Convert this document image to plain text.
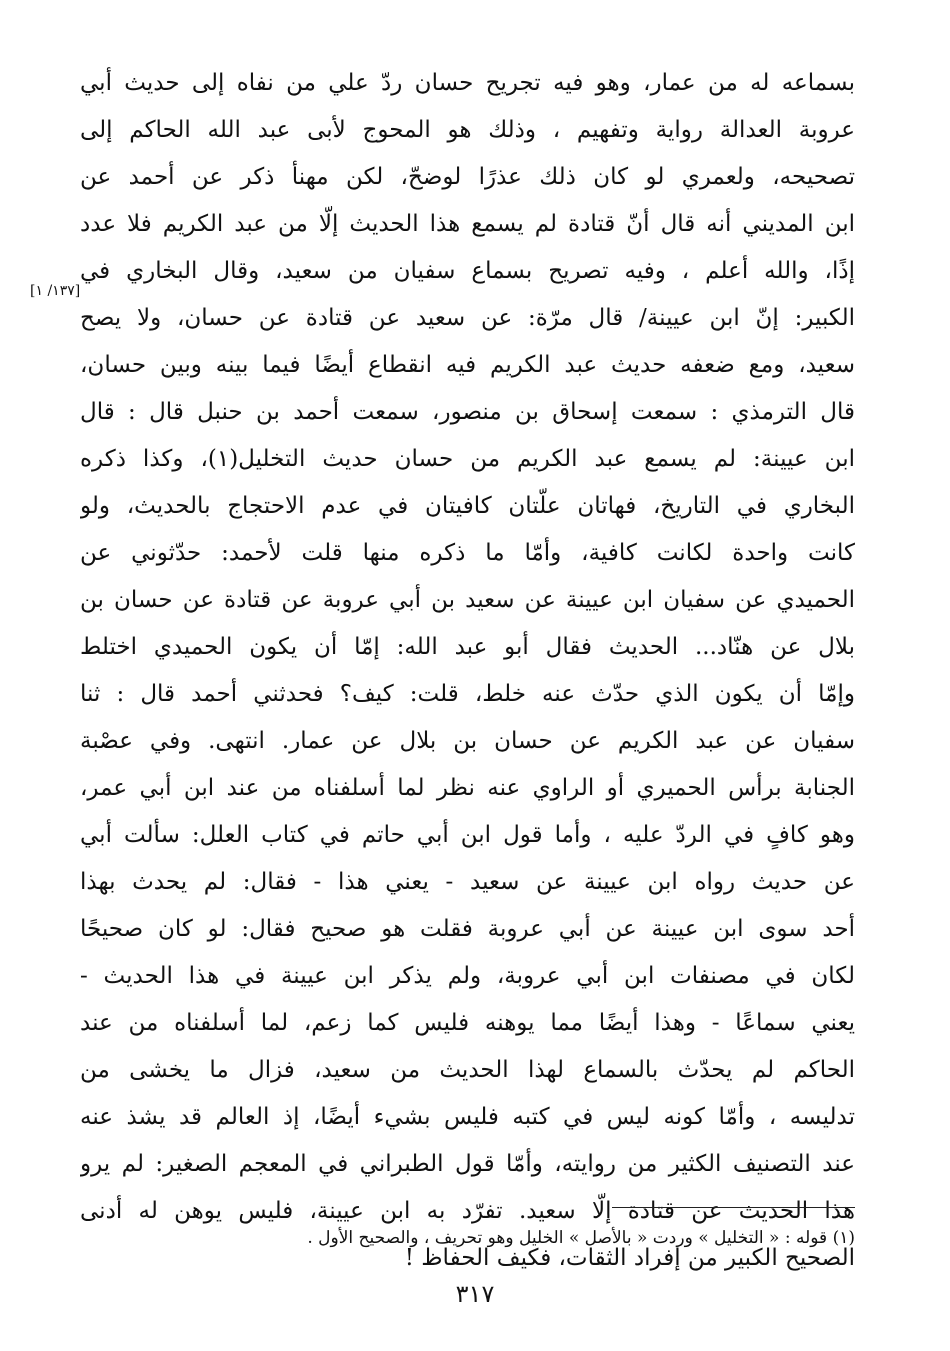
بسماعه له من عمار، وهو فيه تجريح حسان ردّ علي من نفاه إلى حديث أبي
عروبة العدالة رواية وتفهيم ، وذلك هو المحوج لأبى عبد الله الحاكم إلى
تصحيحه، ولعمري لو كان ذلك عذرًا لوضحّ، لكن مهنأ ذكر عن أحمد عن
ابن المديني أنه قال أنّ قتادة لم يسمع هذا الحديث إلّا من عبد الكريم فلا عدد
إذًا، والله أعلم ، وفيه تصريح بسماع سفيان من سعيد، وقال البخاري في
الكبير: إنّ ابن عيينة/ قال مرّة: عن سعيد عن قتادة عن حسان، ولا يصح
سعيد، ومع ضعفه حديث عبد الكريم فيه انقطاع أيضًا فيما بينه وبين حسان،
قال الترمذي : سمعت إسحاق بن منصور، سمعت أحمد بن حنبل قال : قال
ابن عيينة: لم يسمع عبد الكريم من حسان حديث التخليل(١)، وكذا ذكره
البخاري في التاريخ، فهاتان علّتان كافيتان في عدم الاحتجاج بالحديث، ولو
كانت واحدة لكانت كافية، وأمّا ما ذكره منها قلت لأحمد: حدّثوني عن
الحميدي عن سفيان ابن عيينة عن سعيد بن أبي عروبة عن قتادة عن حسان بن
بلال عن هنّاد... الحديث فقال أبو عبد الله: إمّا أن يكون الحميدي اختلط
وإمّا أن يكون الذي حدّث عنه خلط، قلت: كيف؟ فحدثني أحمد قال : ثنا
سفيان عن عبد الكريم عن حسان بن بلال عن عمار. انتهى. وفي عصْبة
الجنابة برأس الحميري أو الراوي عنه نظر لما أسلفناه من عند ابن أبي عمر،
وهو كافٍ في الردّ عليه ، وأما قول ابن أبي حاتم في كتاب العلل: سألت أبي
عن حديث رواه ابن عيينة عن سعيد - يعني هذا - فقال: لم يحدث بهذا
أحد سوى ابن عيينة عن أبي عروبة فقلت هو صحيح فقال: لو كان صحيحًا
لكان في مصنفات ابن أبي عروبة، ولم يذكر ابن عيينة في هذا الحديث -
يعني سماعًا - وهذا أيضًا مما يوهنه فليس كما زعم، لما أسلفناه من عند
الحاكم لم يحدّث بالسماع لهذا الحديث من سعيد، فزال ما يخشى من
تدليسه ، وأمّا كونه ليس في كتبه فليس بشيء أيضًا، إذ العالم قد يشذ عنه
عند التصنيف الكثير من روايته، وأمّا قول الطبراني في المعجم الصغير: لم يرو
هذا الحديث عن قتادة إلّا سعيد. تفرّد به ابن عيينة، فليس يوهن له أدنى
الصحيح الكبير من إفراد الثقات، فكيف الحفاظ !
[١٣٧/ ١]
(١) قوله : « التخليل » وردت « بالأصل » الخليل وهو تحريف ، والصحيح الأول .
٣١٧
